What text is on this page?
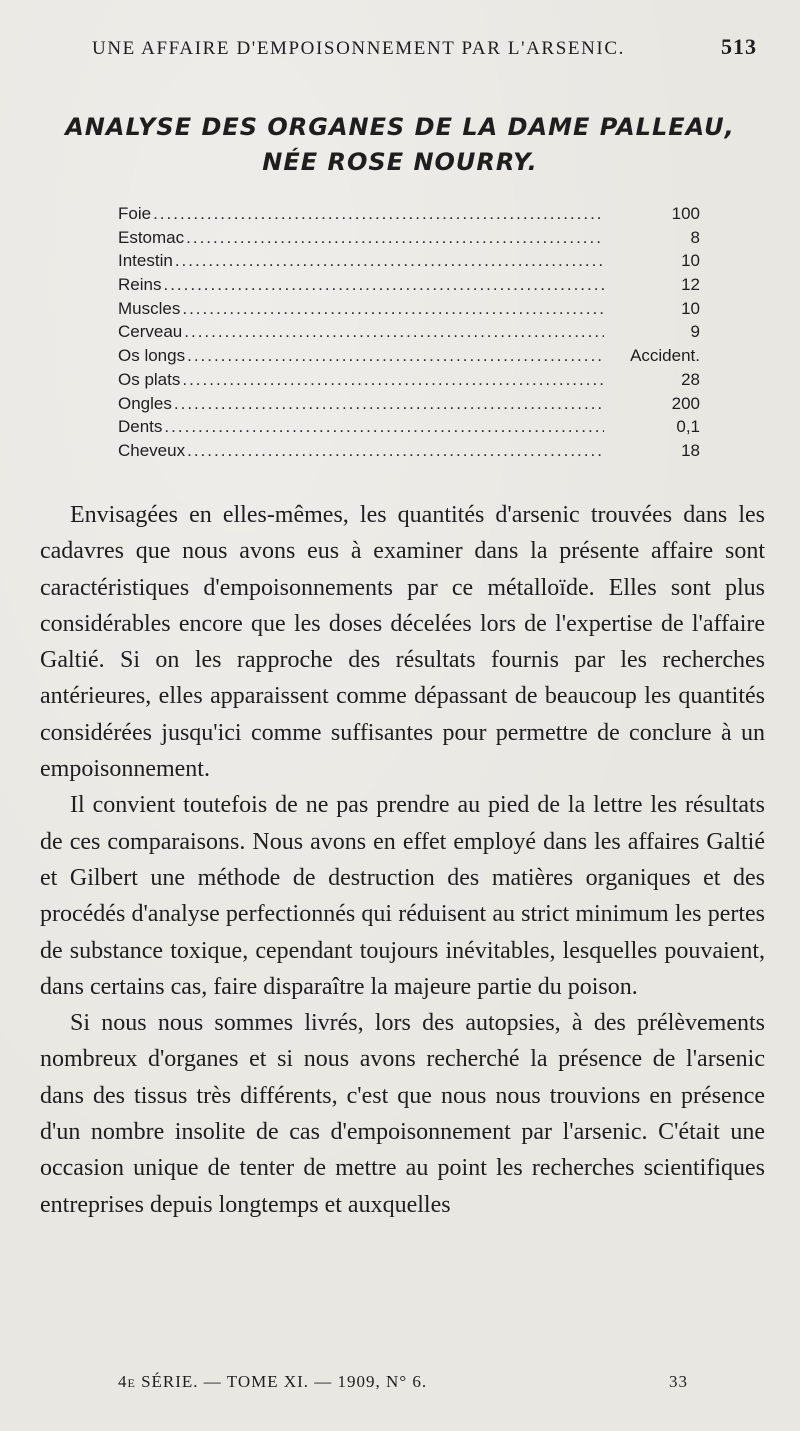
UNE AFFAIRE D'EMPOISONNEMENT PAR L'ARSENIC.	513
ANALYSE DES ORGANES DE LA DAME PALLEAU,
NÉE ROSE NOURRY.
Foie .....	100
Estomac .....	8
Intestin .....	10
Reins .....	12
Muscles .....	10
Cerveau .....	9
Os longs .....	Accident.
Os plats .....	28
Ongles .....	200
Dents .....	0,1
Cheveux .....	18

Envisagées en elles-mêmes, les quantités d'arsenic trouvées dans les cadavres que nous avons eus à examiner dans la présente affaire sont caractéristiques d'empoisonnements par ce métalloïde. Elles sont plus considérables encore que les doses décelées lors de l'expertise de l'affaire Galtié. Si on les rapproche des résultats fournis par les recherches antérieures, elles apparaissent comme dépassant de beaucoup les quantités considérées jusqu'ici comme suffisantes pour permettre de conclure à un empoisonnement.

Il convient toutefois de ne pas prendre au pied de la lettre les résultats de ces comparaisons. Nous avons en effet employé dans les affaires Galtié et Gilbert une méthode de destruction des matières organiques et des procédés d'analyse perfectionnés qui réduisent au strict minimum les pertes de substance toxique, cependant toujours inévitables, lesquelles pouvaient, dans certains cas, faire disparaître la majeure partie du poison.

Si nous nous sommes livrés, lors des autopsies, à des prélèvements nombreux d'organes et si nous avons recherché la présence de l'arsenic dans des tissus très différents, c'est que nous nous trouvions en présence d'un nombre insolite de cas d'empoisonnement par l'arsenic. C'était une occasion unique de tenter de mettre au point les recherches scientifiques entreprises depuis longtemps et auxquelles

4e SÉRIE. — TOME XI. — 1909, N° 6.	33
